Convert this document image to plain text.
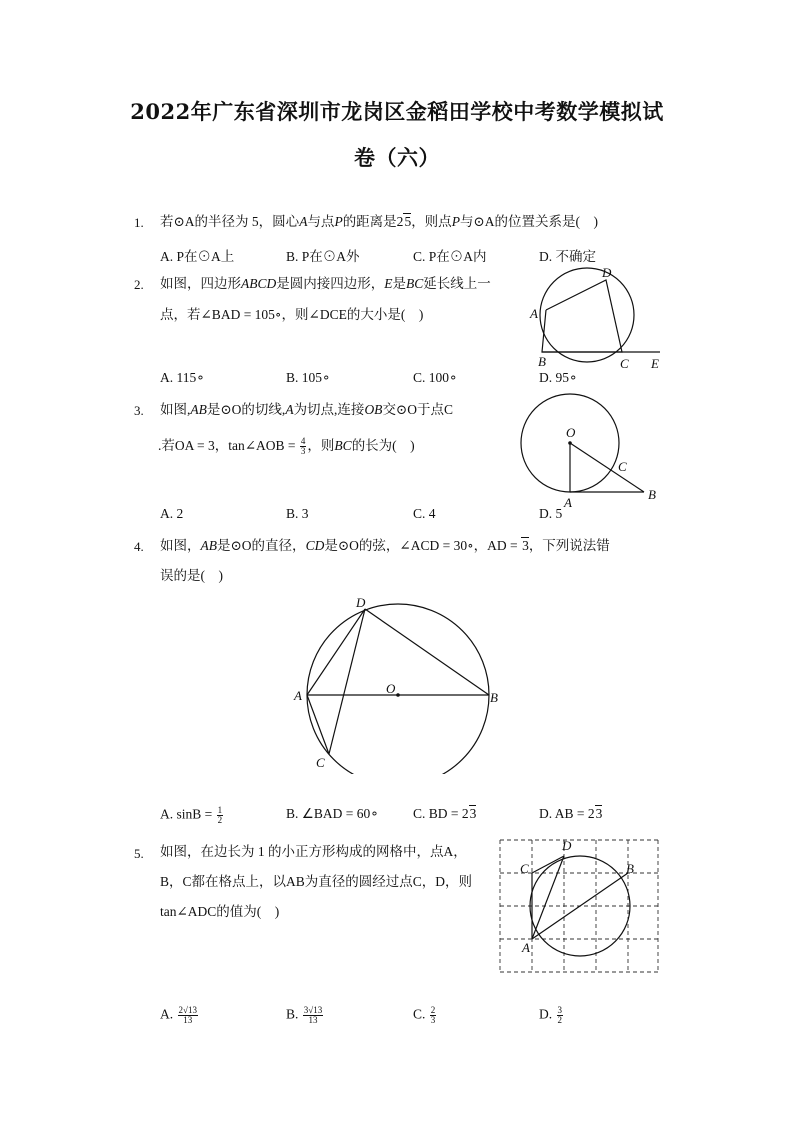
2022年广东省深圳市龙岗区金稻田学校中考数学模拟试
卷（六）
1. 若⊙A的半径为 5，圆心A与点P的距离是25，则点P与⊙A的位置关系是(　)
A. P在⊙A上	B. P在⊙A外	C. P在⊙A内	D. 不确定
2. 如图，四边形ABCD是圆内接四边形，E是BC延长线上一
点，若∠BAD = 105∘，则∠DCE的大小是(　)
A. 115∘	B. 105∘	C. 100∘	D. 95∘
A
D
B	C E
3. 如图,AB是⊙O的切线,A为切点,连接OB交⊙O于点C
.若OA = 3，tan∠AOB = $\frac{4}{3}$ ，则BC的长为(　)
A. 2	B. 3	C. 4	D. 5
O
A
B
C
4. 如图，AB是⊙O的直径，CD是⊙O的弦，∠ACD = 30∘，AD = 3，下列说法错
误的是(　)
D
A	O
B
C
A. $\sin B = \frac{1}{2}$	B. ∠BAD = 60∘	C. BD = 23	D. AB = 23
5. 如图，在边长为 1 的小正方形构成的网格中，点A，
B，C都在格点上，以AB为直径的圆经过点C，D，则
tan∠ADC的值为(　)
C
D
B
A
A. $\frac{2√13}{13}$	B. $\frac{3√13}{13}$	C. $\frac{2}{3}$	D. $\frac{3}{2}$
